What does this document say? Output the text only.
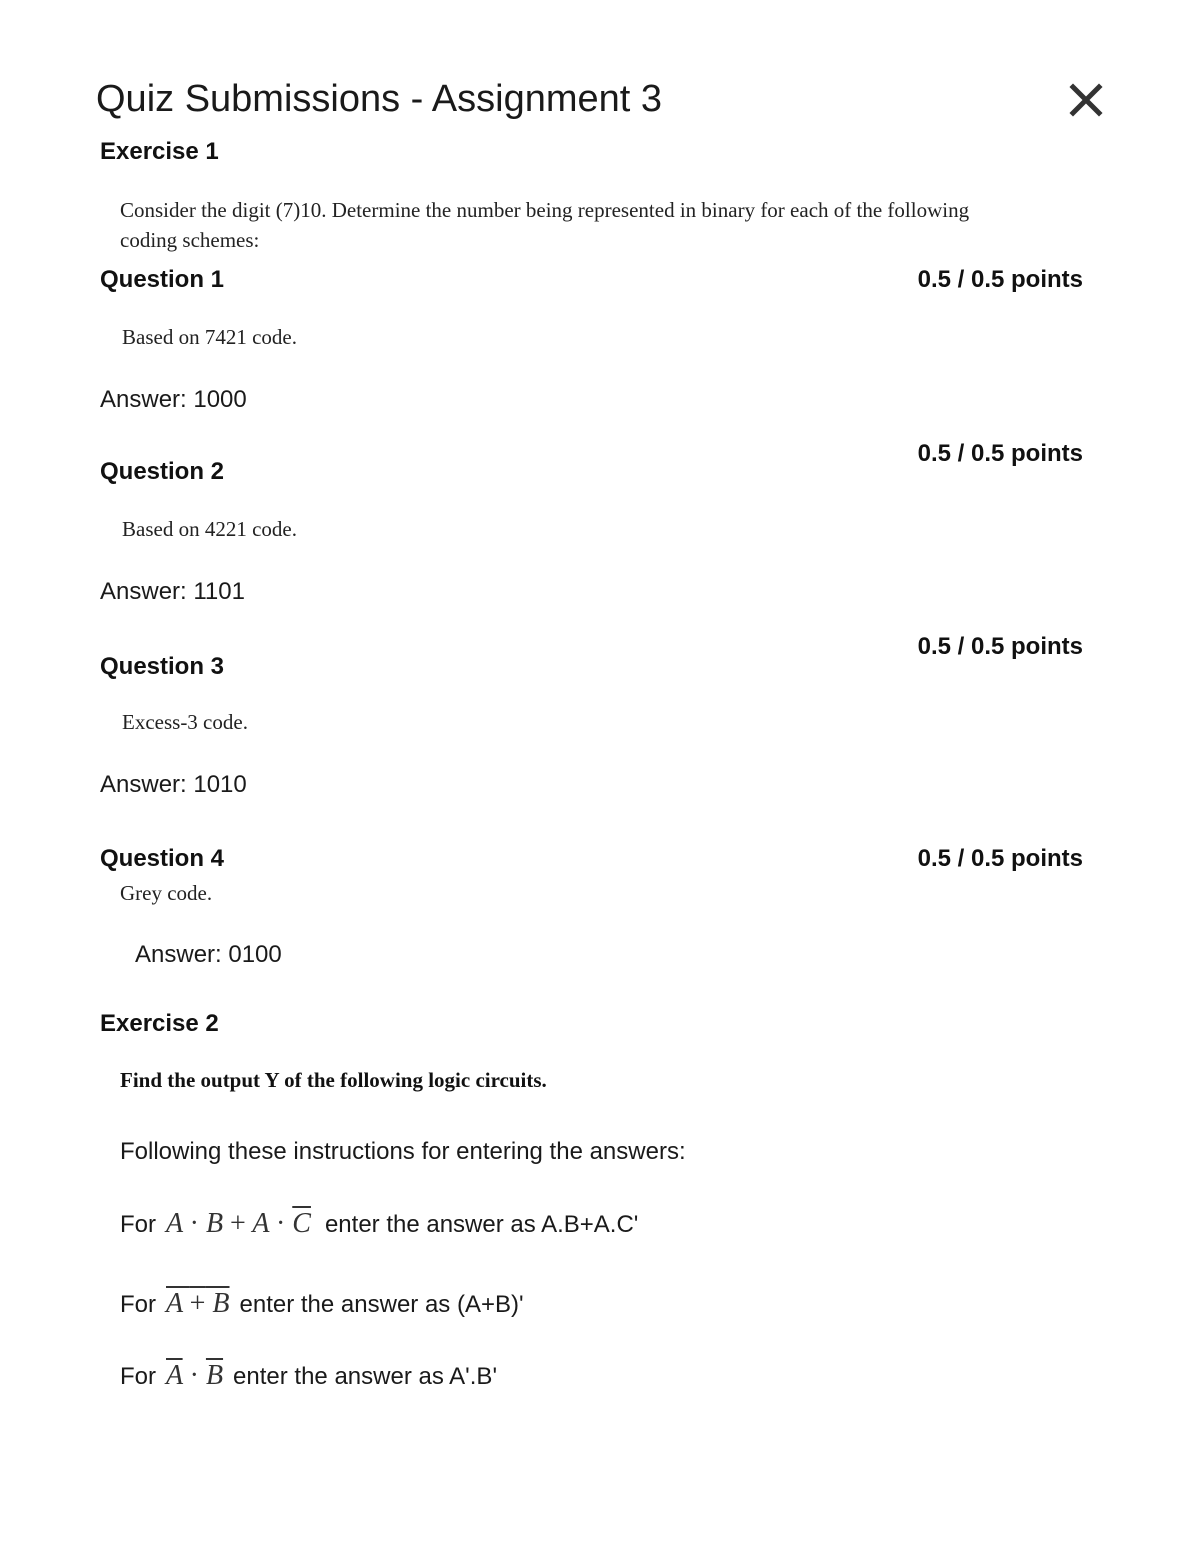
Quiz Submissions - Assignment 3
Exercise 1
Consider the digit (7)10. Determine the number being represented in binary for each of the following
coding schemes:
Question 1	0.5 / 0.5 points
Based on 7421 code.
Answer: 1000
0.5 / 0.5 points
Question 2
Based on 4221 code.
Answer: 1101
0.5 / 0.5 points
Question 3
Excess-3 code.
Answer: 1010
Question 4	0.5 / 0.5 points
Grey code.
Answer: 0100
Exercise 2
Find the output Y of the following logic circuits.
Following these instructions for entering the answers:
For $A \cdot B + A \cdot \overline{C}$ enter the answer as A.B+A.C'
For A + B enter the answer as (A+B)'
For $\overline{A} \cdot \overline{B}$ enter the answer as A'.B'
